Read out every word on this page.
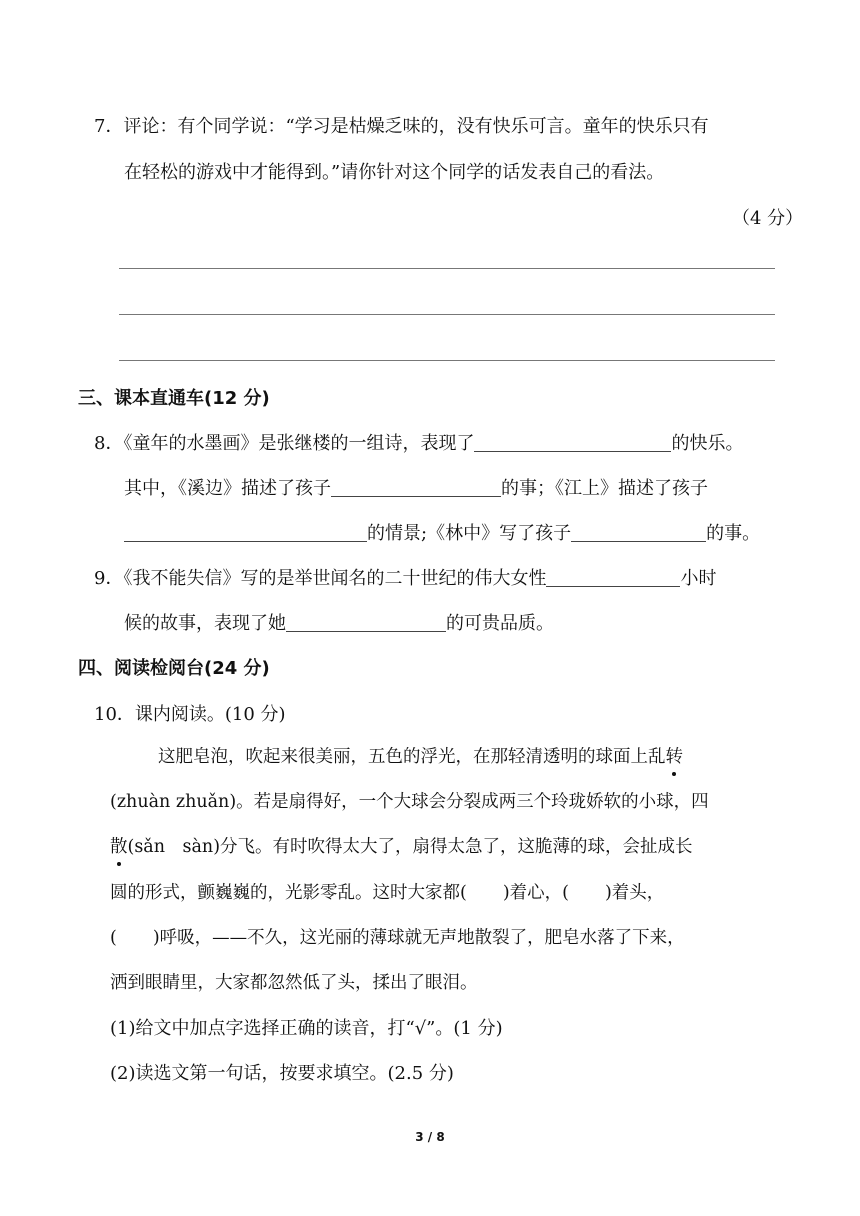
7．评论：有个同学说：“学习是枯燥乏味的，没有快乐可言。童年的快乐只有
在轻松的游戏中才能得到。”请你针对这个同学的话发表自己的看法。
（4 分）
三、课本直通车(12 分)
8．《童年的水墨画》是张继楼的一组诗，表现了	的快乐。
其中，《溪边》描述了孩子	的事；《江上》描述了孩子
的情景;《林中》写了孩子	的事。
9．《我不能失信》写的是举世闻名的二十世纪的伟大女性	小时
候的故事，表现了她	的可贵品质。
四、阅读检阅台(24 分)
10．课内阅读。(10 分)
这肥皂泡，吹起来很美丽，五色的浮光，在那轻清透明的球面上乱转
(zhuàn zhuǎn)。若是扇得好，一个大球会分裂成两三个玲珑娇软的小球，四
散(sǎn　sàn)分飞。有时吹得太大了，扇得太急了，这脆薄的球，会扯成长
圆的形式，颤巍巍的，光影零乱。这时大家都( )着心，( )着头，
( )呼吸，——不久，这光丽的薄球就无声地散裂了，肥皂水落了下来，
洒到眼睛里，大家都忽然低了头，揉出了眼泪。
(1)给文中加点字选择正确的读音，打“√”。(1 分)
(2)读选文第一句话，按要求填空。(2.5 分)
3 / 8
